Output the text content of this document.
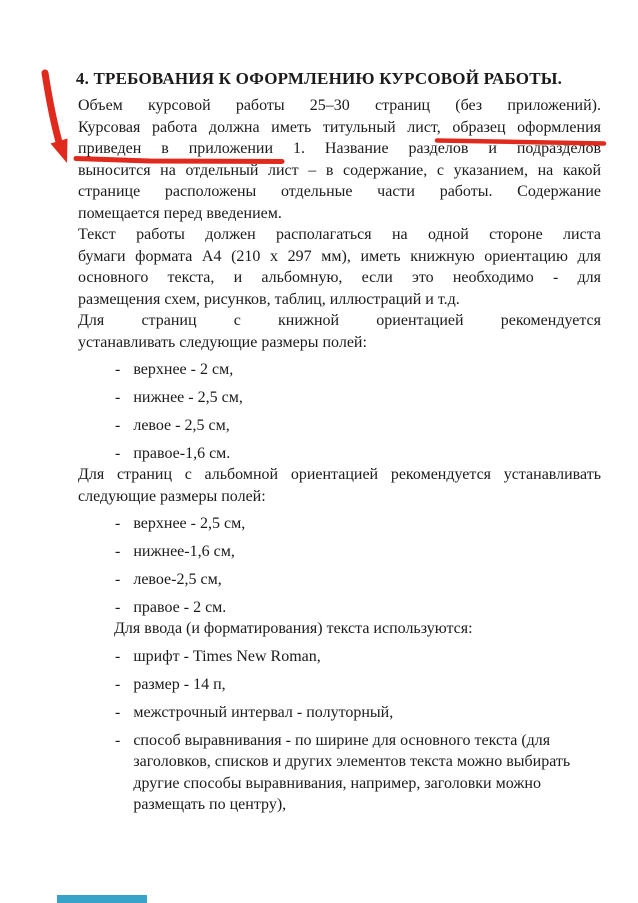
4. ТРЕБОВАНИЯ К ОФОРМЛЕНИЮ КУРСОВОЙ РАБОТЫ.

Объем курсовой работы 25–30 страниц (без приложений).
Курсовая работа должна иметь титульный лист, образец оформления
приведен в приложении 1. Название разделов и подразделов
выносится на отдельный лист – в содержание, с указанием, на какой
странице расположены отдельные части работы. Содержание
помещается перед введением.

Текст работы должен располагаться на одной стороне листа
бумаги формата А4 (210 х 297 мм), иметь книжную ориентацию для
основного текста, и альбомную, если это необходимо - для
размещения схем, рисунков, таблиц, иллюстраций и т.д.

Для страниц с книжной ориентацией рекомендуется
устанавливать следующие размеры полей:

- верхнее - 2 см,
- нижнее - 2,5 см,
- левое - 2,5 см,
- правое-1,6 см.

Для страниц с альбомной ориентацией рекомендуется устанавливать
следующие размеры полей:

- верхнее - 2,5 см,
- нижнее-1,6 см,
- левое-2,5 см,
- правое - 2 см.

Для ввода (и форматирования) текста используются:

- шрифт - Times New Roman,
- размер - 14 п,
- межстрочный интервал - полуторный,
- способ выравнивания - по ширине для основного текста (для заголовков, списков и других элементов текста можно выбирать другие способы выравнивания, например, заголовки можно размещать по центру),
